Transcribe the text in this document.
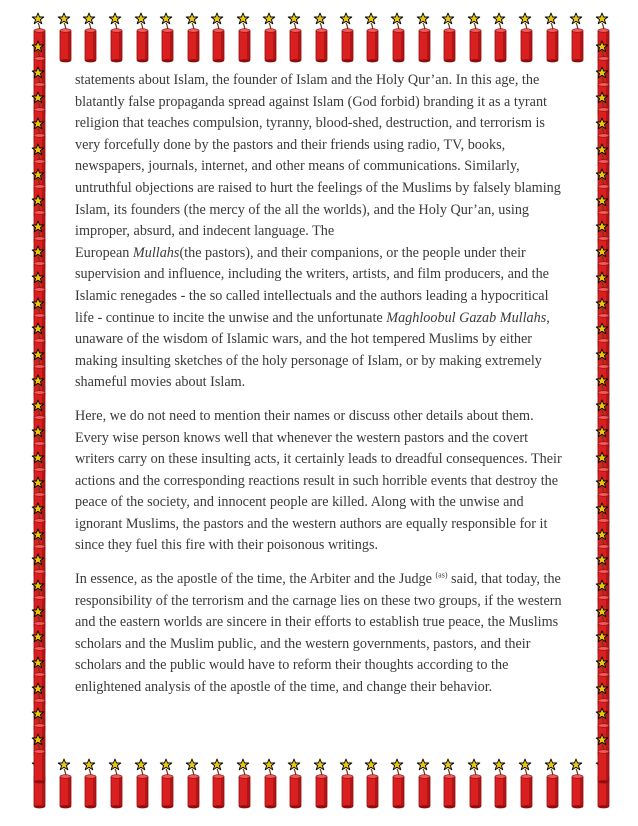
statements about Islam, the founder of Islam and the Holy Qur’an. In this age, the blatantly false propaganda spread against Islam (God forbid) branding it as a tyrant religion that teaches compulsion, tyranny, blood-shed, destruction, and terrorism is very forcefully done by the pastors and their friends using radio, TV, books, newspapers, journals, internet, and other means of communications. Similarly, untruthful objections are raised to hurt the feelings of the Muslims by falsely blaming Islam, its founders (the mercy of the all the worlds), and the Holy Qur’an, using improper, absurd, and indecent language. The

European Mullahs(the pastors), and their companions, or the people under their supervision and influence, including the writers, artists, and film producers, and the Islamic renegades - the so called intellectuals and the authors leading a hypocritical life - continue to incite the unwise and the unfortunate Maghloobul Gazab Mullahs, unaware of the wisdom of Islamic wars, and the hot tempered Muslims by either making insulting sketches of the holy personage of Islam, or by making extremely shameful movies about Islam.

Here, we do not need to mention their names or discuss other details about them. Every wise person knows well that whenever the western pastors and the covert writers carry on these insulting acts, it certainly leads to dreadful consequences. Their actions and the corresponding reactions result in such horrible events that destroy the peace of the society, and innocent people are killed. Along with the unwise and ignorant Muslims, the pastors and the western authors are equally responsible for it since they fuel this fire with their poisonous writings.

In essence, as the apostle of the time, the Arbiter and the Judge $^{(as)}$ said, that today, the responsibility of the terrorism and the carnage lies on these two groups, if the western and the eastern worlds are sincere in their efforts to establish true peace, the Muslims scholars and the Muslim public, and the western governments, pastors, and their scholars and the public would have to reform their thoughts according to the enlightened analysis of the apostle of the time, and change their behavior.
